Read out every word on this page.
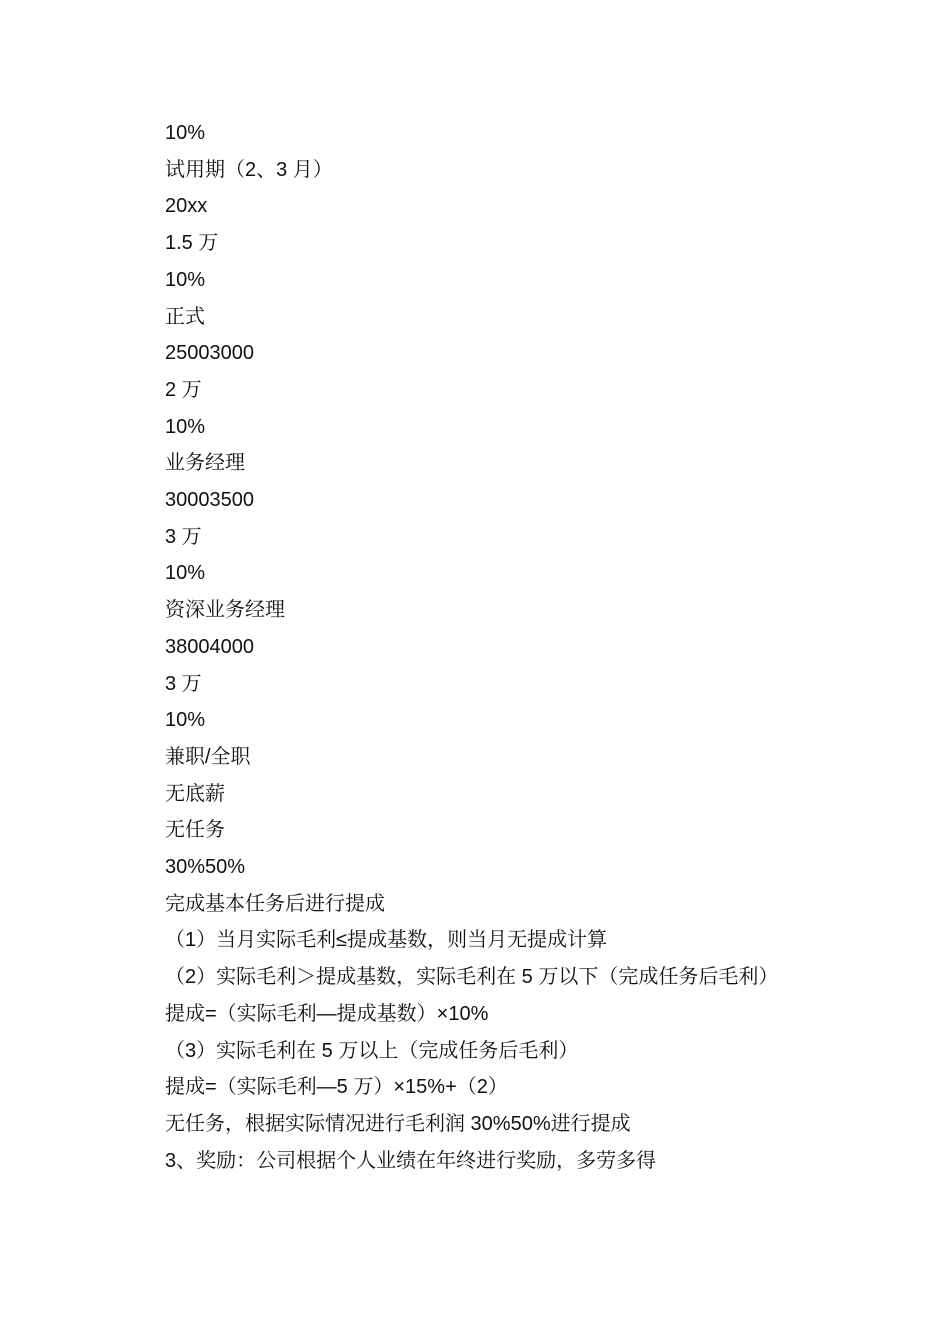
10%

试用期（2、3 月）

20xx

1.5 万

10%

正式

25003000

2 万

10%

业务经理

30003500

3 万

10%

资深业务经理

38004000

3 万

10%

兼职/全职

无底薪

无任务

30%50%

完成基本任务后进行提成

（1）当月实际毛利≤提成基数，则当月无提成计算

（2）实际毛利＞提成基数，实际毛利在 5 万以下（完成任务后毛利）

提成=（实际毛利—提成基数）×10%

（3）实际毛利在 5 万以上（完成任务后毛利）

提成=（实际毛利—5 万）×15%+（2）

无任务，根据实际情况进行毛利润 30%50%进行提成

3、奖励：公司根据个人业绩在年终进行奖励，多劳多得
